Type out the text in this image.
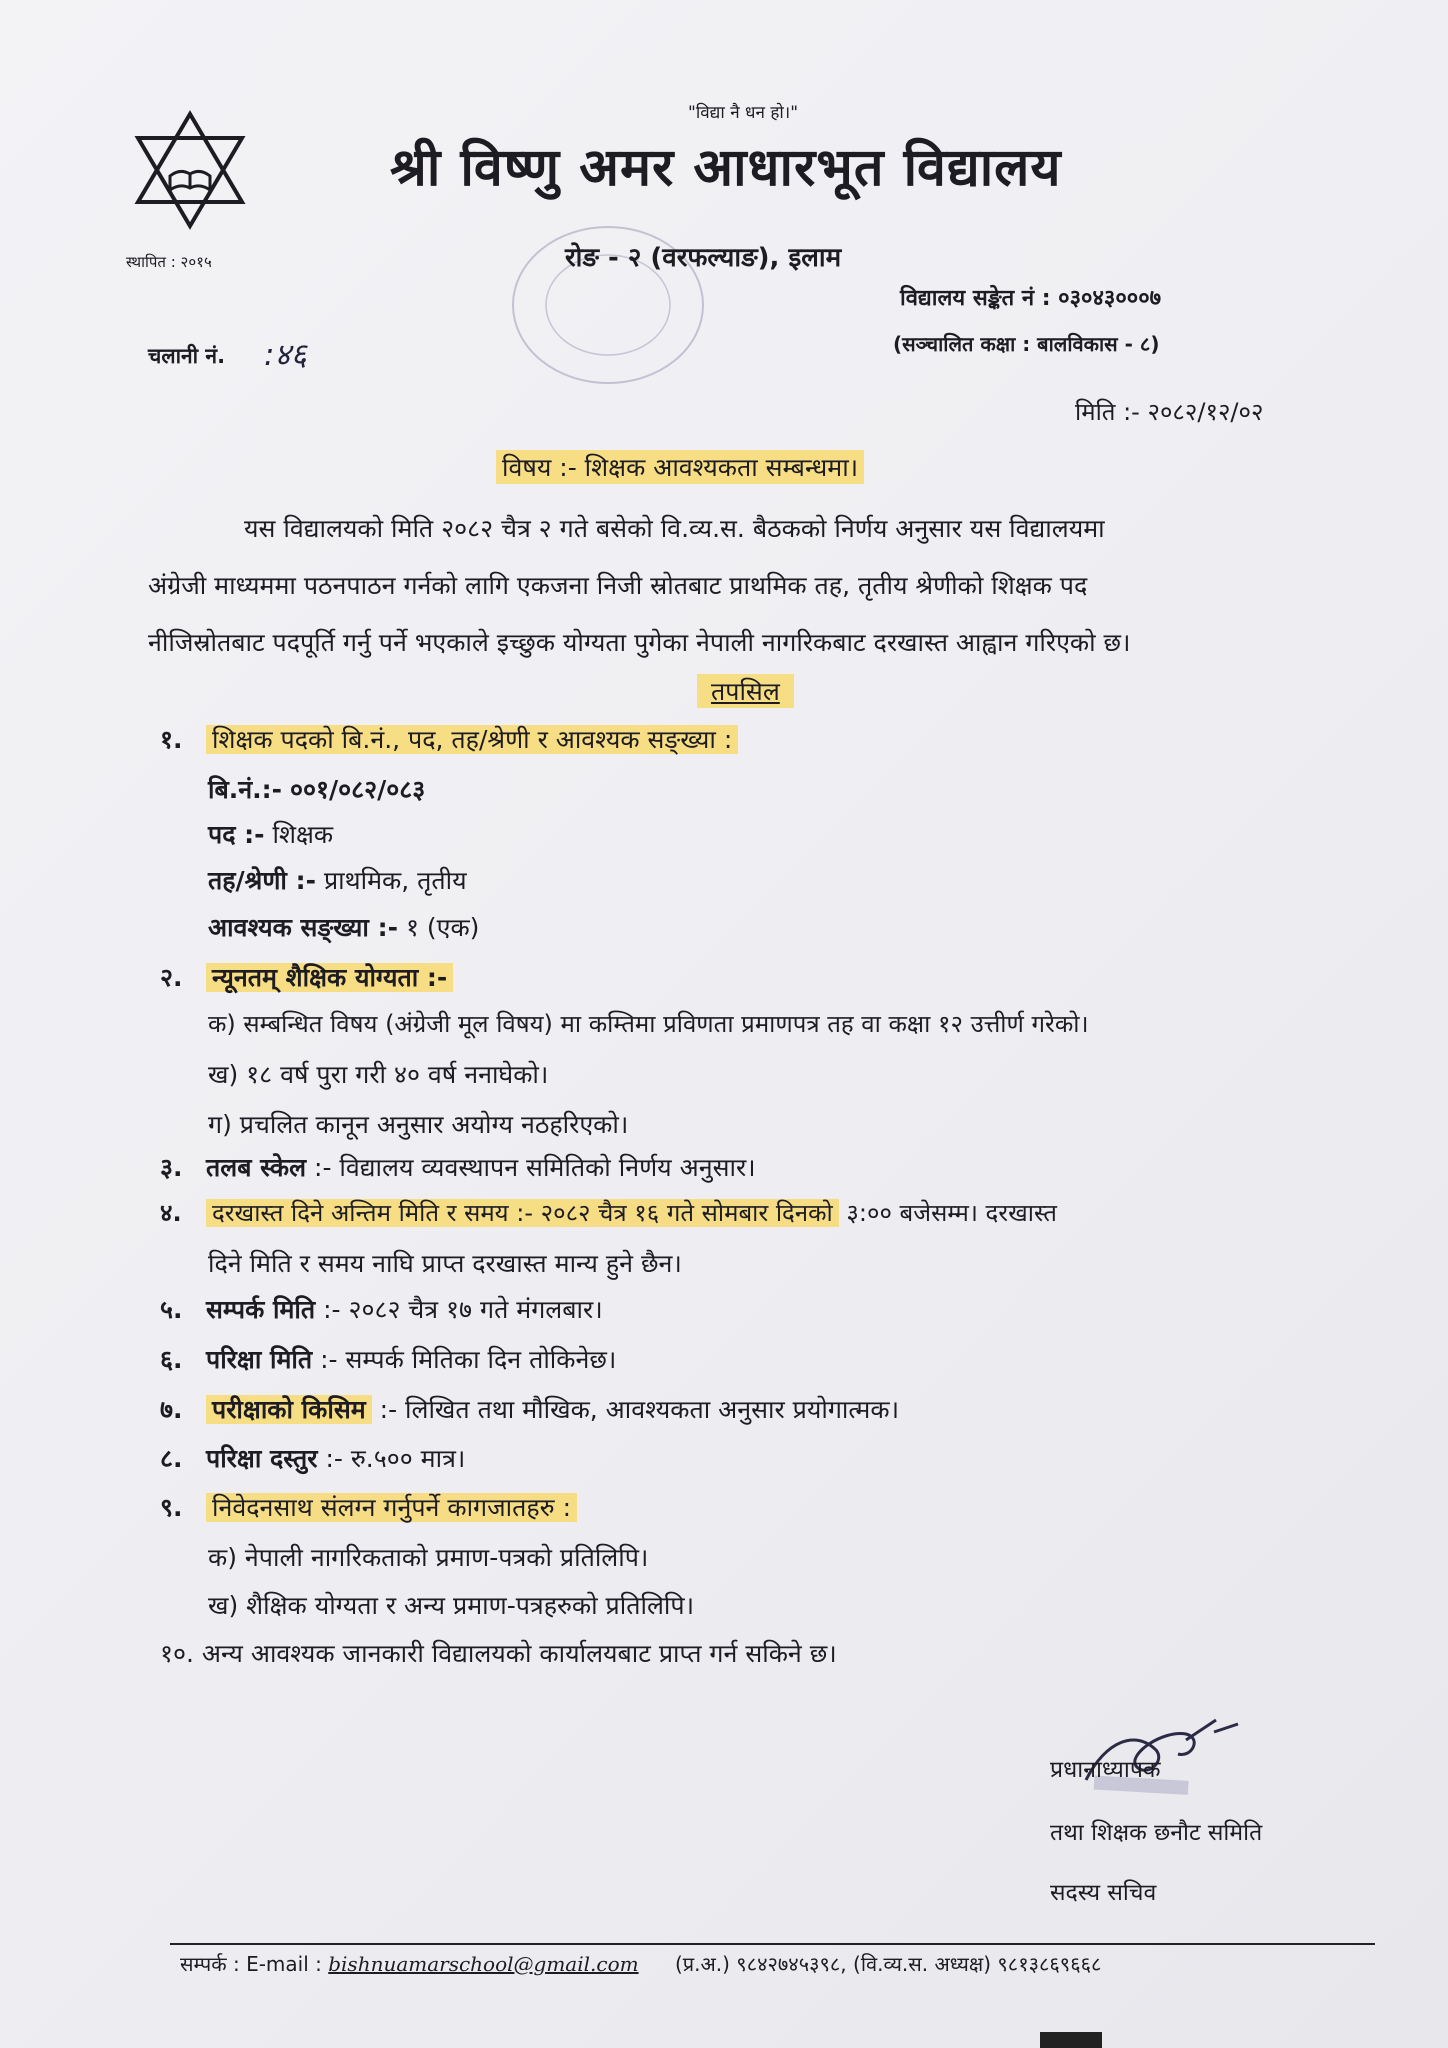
"विद्या नै धन हो।"
श्री विष्णु अमर आधारभूत विद्यालय
स्थापित : २०१५	रोङ - २ (वरफल्याङ), इलाम
विद्यालय सङ्केत नं : ०३०४३०००७
(सञ्चालित कक्षा : बालविकास - ८)
चलानी नं. :४६
मिति :- २०८२/१२/०२
विषय :- शिक्षक आवश्यकता सम्बन्धमा।
यस विद्यालयको मिति २०८२ चैत्र २ गते बसेको वि.व्य.स. बैठकको निर्णय अनुसार यस विद्यालयमा
अंग्रेजी माध्यममा पठनपाठन गर्नको लागि एकजना निजी स्रोतबाट प्राथमिक तह, तृतीय श्रेणीको शिक्षक पद
नीजिस्रोतबाट पदपूर्ति गर्नु पर्ने भएकाले इच्छुक योग्यता पुगेका नेपाली नागरिकबाट दरखास्त आह्वान गरिएको छ।
तपसिल
१. शिक्षक पदको बि.नं., पद, तह/श्रेणी र आवश्यक सङ्ख्या :
बि.नं.:- ००१/०८२/०८३
पद :- शिक्षक
तह/श्रेणी :- प्राथमिक, तृतीय
आवश्यक सङ्ख्या :- १ (एक)
२. न्यूनतम् शैक्षिक योग्यता :-
क) सम्बन्धित विषय (अंग्रेजी मूल विषय) मा कम्तिमा प्रविणता प्रमाणपत्र तह वा कक्षा १२ उत्तीर्ण गरेको।
ख) १८ वर्ष पुरा गरी ४० वर्ष ननाघेको।
ग) प्रचलित कानून अनुसार अयोग्य नठहरिएको।
३. तलब स्केल :- विद्यालय व्यवस्थापन समितिको निर्णय अनुसार।
४. दरखास्त दिने अन्तिम मिति र समय :- २०८२ चैत्र १६ गते सोमबार दिनको ३:०० बजेसम्म। दरखास्त
दिने मिति र समय नाघि प्राप्त दरखास्त मान्य हुने छैन।
५. सम्पर्क मिति :- २०८२ चैत्र १७ गते मंगलबार।
६. परिक्षा मिति :- सम्पर्क मितिका दिन तोकिनेछ।
७. परीक्षाको किसिम :- लिखित तथा मौखिक, आवश्यकता अनुसार प्रयोगात्मक।
८. परिक्षा दस्तुर :- रु.५०० मात्र।
९. निवेदनसाथ संलग्न गर्नुपर्ने कागजातहरु :
क) नेपाली नागरिकताको प्रमाण-पत्रको प्रतिलिपि।
ख) शैक्षिक योग्यता र अन्य प्रमाण-पत्रहरुको प्रतिलिपि।
१०. अन्य आवश्यक जानकारी विद्यालयको कार्यालयबाट प्राप्त गर्न सकिने छ।
प्रधानाध्यापक
तथा शिक्षक छनौट समिति
सदस्य सचिव
सम्पर्क : E-mail : bishnuamarschool@gmail.com (प्र.अ.) ९८४२७४५३९८, (वि.व्य.स. अध्यक्ष) ९८१३८६९६६८
